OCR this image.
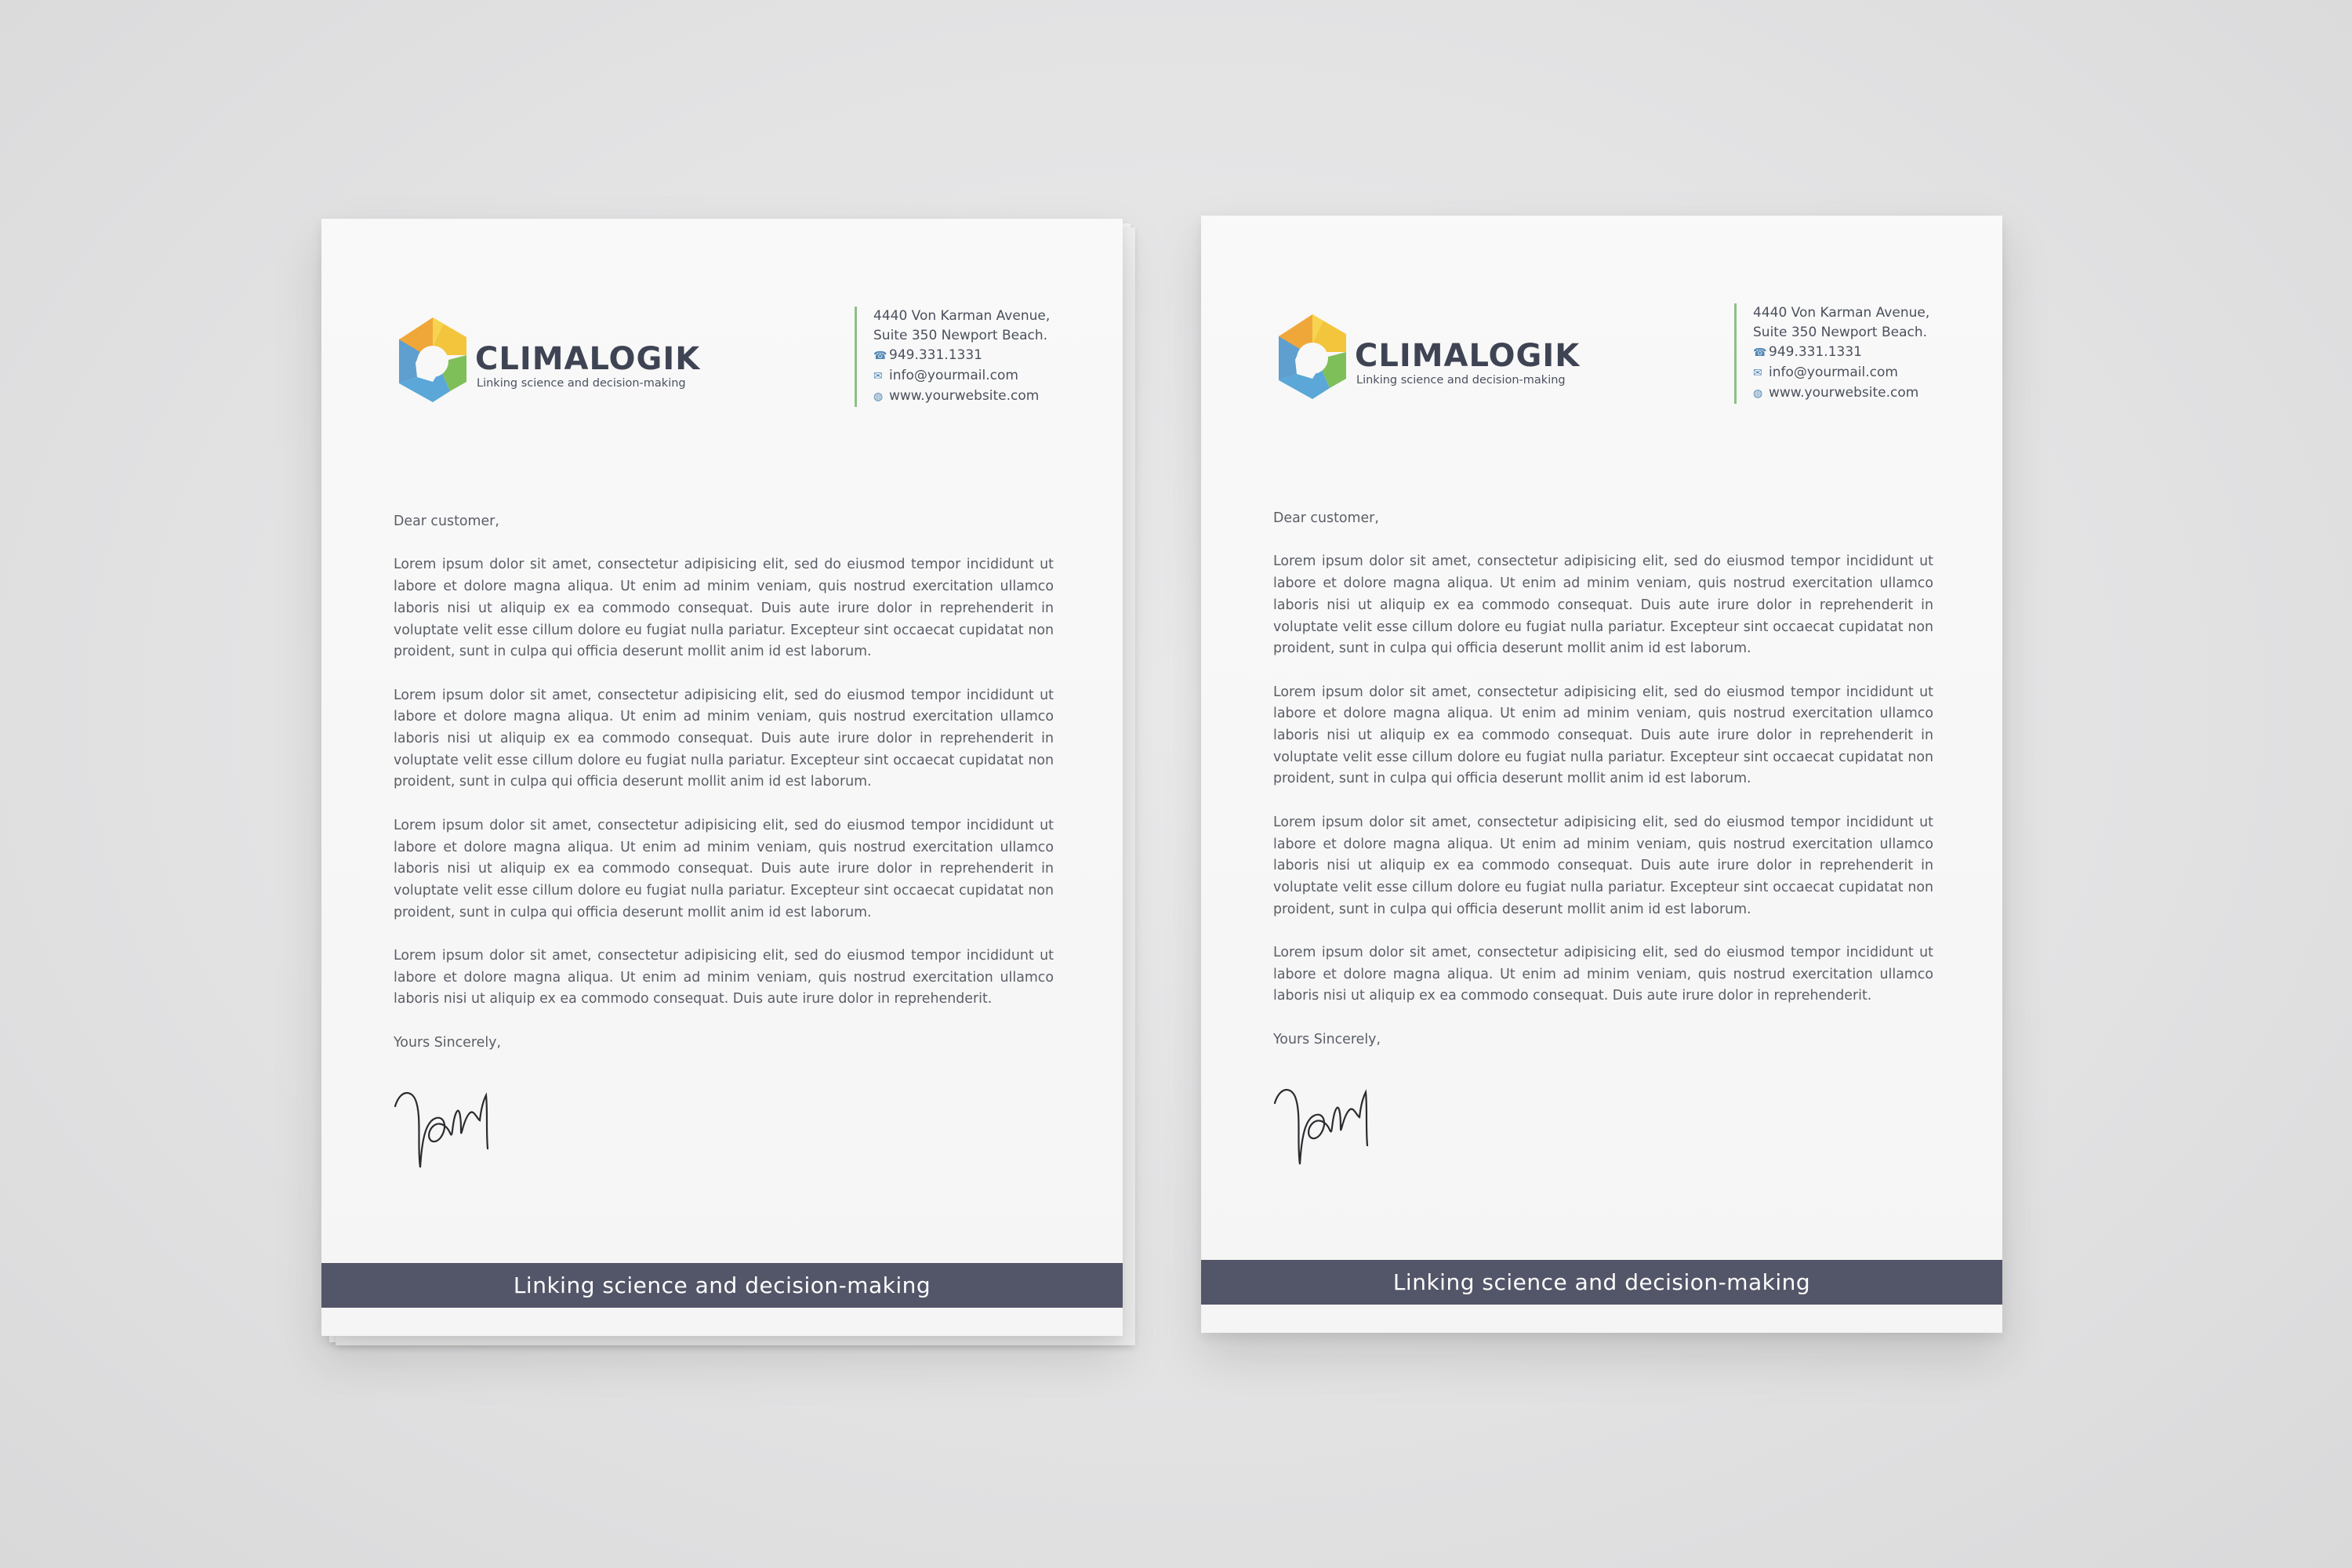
CLIMALOGIK
Linking science and decision-making
4440 Von Karman Avenue,
Suite 350 Newport Beach.
☎ 949.331.1331
✉ info@yourmail.com
◍ www.yourwebsite.com

Dear customer,

Lorem ipsum dolor sit amet, consectetur adipisicing elit, sed do eiusmod tempor incididunt ut labore et dolore magna aliqua. Ut enim ad minim veniam, quis nostrud exercitation ullamco laboris nisi ut aliquip ex ea commodo consequat. Duis aute irure dolor in reprehenderit in voluptate velit esse cillum dolore eu fugiat nulla pariatur. Excepteur sint occaecat cupidatat non proident, sunt in culpa qui officia deserunt mollit anim id est laborum.

Lorem ipsum dolor sit amet, consectetur adipisicing elit, sed do eiusmod tempor incididunt ut labore et dolore magna aliqua. Ut enim ad minim veniam, quis nostrud exercitation ullamco laboris nisi ut aliquip ex ea commodo consequat. Duis aute irure dolor in reprehenderit in voluptate velit esse cillum dolore eu fugiat nulla pariatur. Excepteur sint occaecat cupidatat non proident, sunt in culpa qui officia deserunt mollit anim id est laborum.

Lorem ipsum dolor sit amet, consectetur adipisicing elit, sed do eiusmod tempor incididunt ut labore et dolore magna aliqua. Ut enim ad minim veniam, quis nostrud exercitation ullamco laboris nisi ut aliquip ex ea commodo consequat. Duis aute irure dolor in reprehenderit in voluptate velit esse cillum dolore eu fugiat nulla pariatur. Excepteur sint occaecat cupidatat non proident, sunt in culpa qui officia deserunt mollit anim id est laborum.

Lorem ipsum dolor sit amet, consectetur adipisicing elit, sed do eiusmod tempor incididunt ut labore et dolore magna aliqua. Ut enim ad minim veniam, quis nostrud exercitation ullamco laboris nisi ut aliquip ex ea commodo consequat. Duis aute irure dolor in reprehenderit.

Yours Sincerely,

Linking science and decision-making
CLIMALOGIK
Linking science and decision-making
4440 Von Karman Avenue,
Suite 350 Newport Beach.
☎ 949.331.1331
✉ info@yourmail.com
◍ www.yourwebsite.com

Dear customer,

Lorem ipsum dolor sit amet, consectetur adipisicing elit, sed do eiusmod tempor incididunt ut labore et dolore magna aliqua. Ut enim ad minim veniam, quis nostrud exercitation ullamco laboris nisi ut aliquip ex ea commodo consequat. Duis aute irure dolor in reprehenderit in voluptate velit esse cillum dolore eu fugiat nulla pariatur. Excepteur sint occaecat cupidatat non proident, sunt in culpa qui officia deserunt mollit anim id est laborum.

Lorem ipsum dolor sit amet, consectetur adipisicing elit, sed do eiusmod tempor incididunt ut labore et dolore magna aliqua. Ut enim ad minim veniam, quis nostrud exercitation ullamco laboris nisi ut aliquip ex ea commodo consequat. Duis aute irure dolor in reprehenderit in voluptate velit esse cillum dolore eu fugiat nulla pariatur. Excepteur sint occaecat cupidatat non proident, sunt in culpa qui officia deserunt mollit anim id est laborum.

Lorem ipsum dolor sit amet, consectetur adipisicing elit, sed do eiusmod tempor incididunt ut labore et dolore magna aliqua. Ut enim ad minim veniam, quis nostrud exercitation ullamco laboris nisi ut aliquip ex ea commodo consequat. Duis aute irure dolor in reprehenderit in voluptate velit esse cillum dolore eu fugiat nulla pariatur. Excepteur sint occaecat cupidatat non proident, sunt in culpa qui officia deserunt mollit anim id est laborum.

Lorem ipsum dolor sit amet, consectetur adipisicing elit, sed do eiusmod tempor incididunt ut labore et dolore magna aliqua. Ut enim ad minim veniam, quis nostrud exercitation ullamco laboris nisi ut aliquip ex ea commodo consequat. Duis aute irure dolor in reprehenderit.

Yours Sincerely,

Linking science and decision-making
